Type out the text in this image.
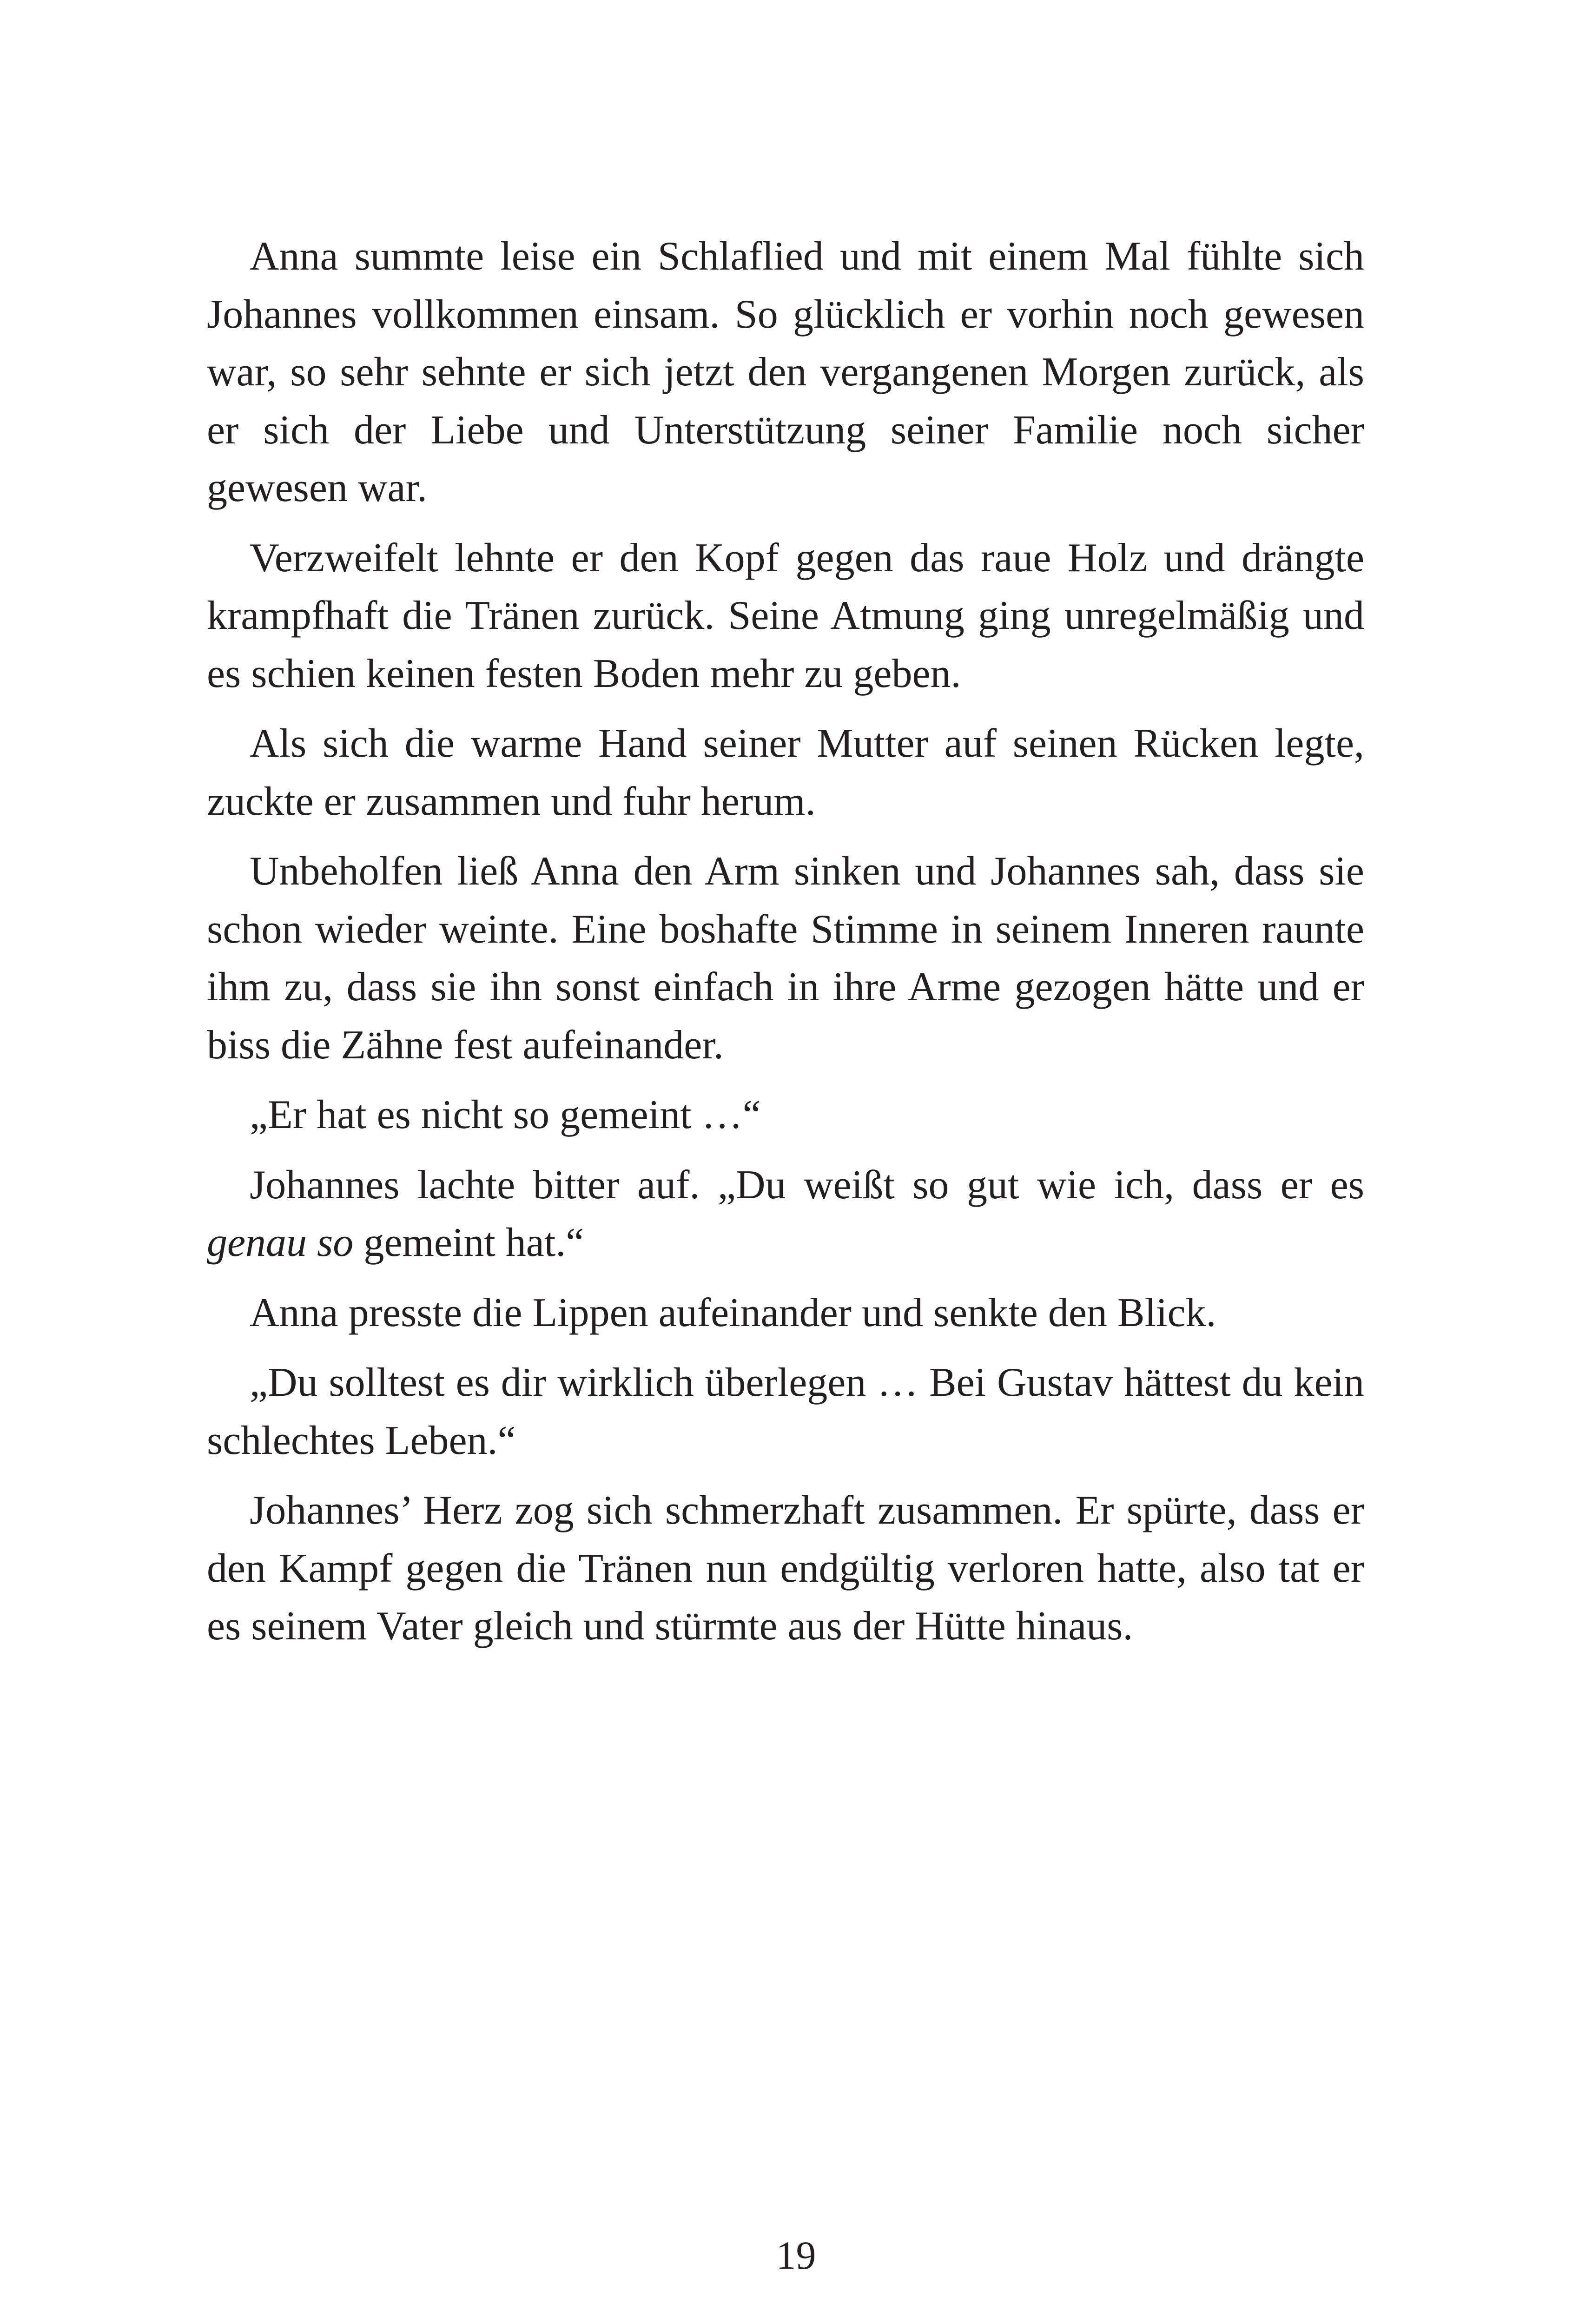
Anna summte leise ein Schlaflied und mit einem Mal fühlte sich Johannes vollkommen einsam. So glücklich er vorhin noch gewesen war, so sehr sehnte er sich jetzt den vergangenen Morgen zurück, als er sich der Liebe und Unterstützung seiner Familie noch sicher gewesen war.

Verzweifelt lehnte er den Kopf gegen das raue Holz und drängte krampfhaft die Tränen zurück. Seine Atmung ging unregelmäßig und es schien keinen festen Boden mehr zu geben.

Als sich die warme Hand seiner Mutter auf seinen Rücken legte, zuckte er zusammen und fuhr herum.

Unbeholfen ließ Anna den Arm sinken und Johannes sah, dass sie schon wieder weinte. Eine boshafte Stimme in seinem Inneren raunte ihm zu, dass sie ihn sonst einfach in ihre Arme gezogen hätte und er biss die Zähne fest aufeinander.

„Er hat es nicht so gemeint …“

Johannes lachte bitter auf. „Du weißt so gut wie ich, dass er es genau so gemeint hat.“

Anna presste die Lippen aufeinander und senkte den Blick.

„Du solltest es dir wirklich überlegen … Bei Gustav hättest du kein schlechtes Leben.“

Johannes’ Herz zog sich schmerzhaft zusammen. Er spürte, dass er den Kampf gegen die Tränen nun endgültig verloren hatte, also tat er es seinem Vater gleich und stürmte aus der Hütte hinaus.

19
